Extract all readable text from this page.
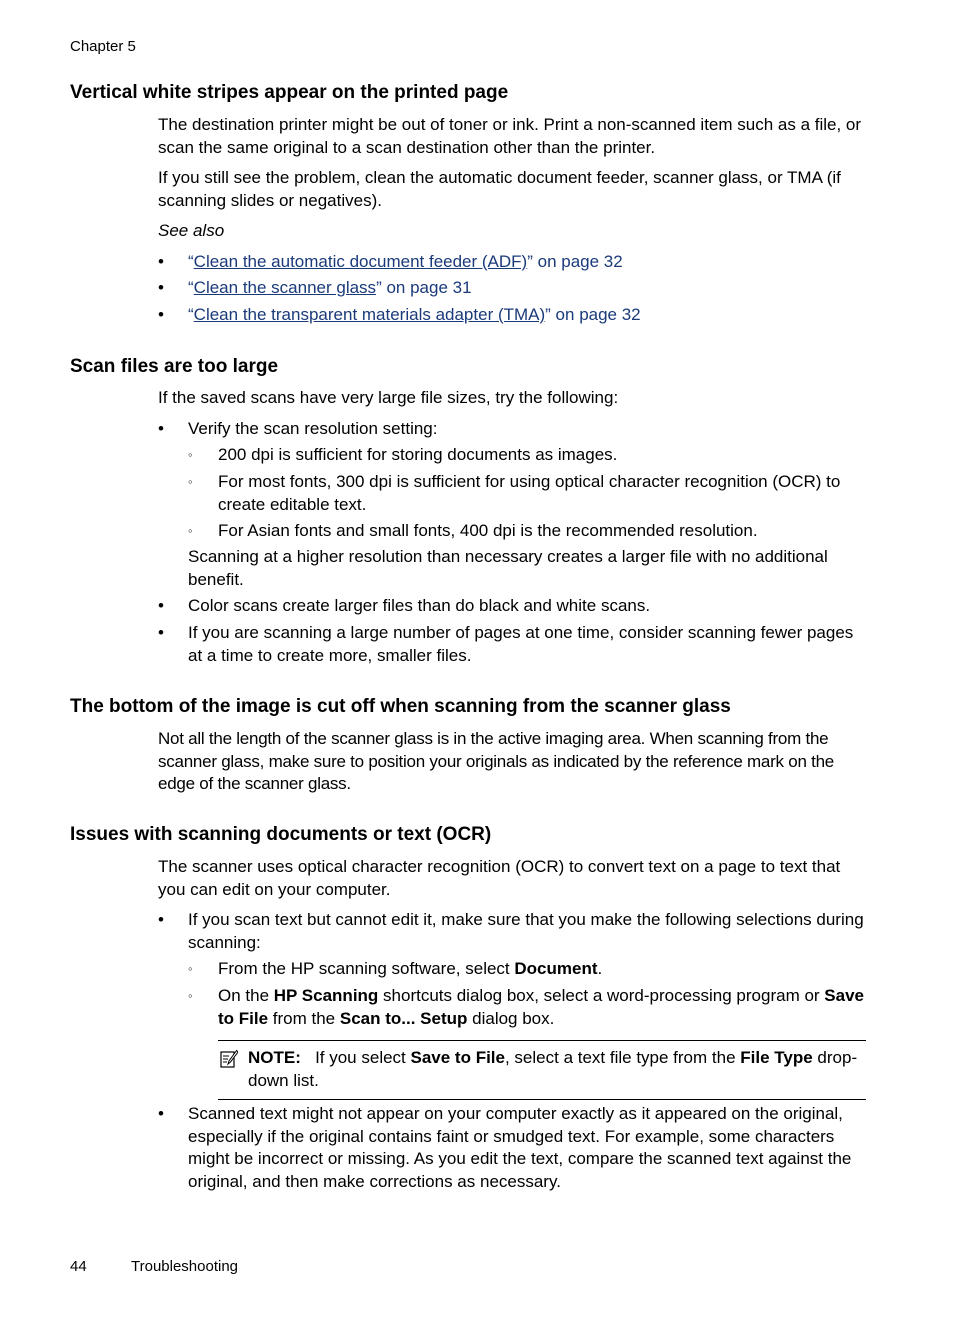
Chapter 5
Vertical white stripes appear on the printed page

The destination printer might be out of toner or ink. Print a non-scanned item such as a file, or scan the same original to a scan destination other than the printer.

If you still see the problem, clean the automatic document feeder, scanner glass, or TMA (if scanning slides or negatives).

See also

• “Clean the automatic document feeder (ADF)” on page 32
• “Clean the scanner glass” on page 31
• “Clean the transparent materials adapter (TMA)” on page 32
Scan files are too large

If the saved scans have very large file sizes, try the following:

• Verify the scan resolution setting:
◦ 200 dpi is sufficient for storing documents as images.
◦ For most fonts, 300 dpi is sufficient for using optical character recognition (OCR) to create editable text.
◦ For Asian fonts and small fonts, 400 dpi is the recommended resolution.
Scanning at a higher resolution than necessary creates a larger file with no additional benefit.
• Color scans create larger files than do black and white scans.
• If you are scanning a large number of pages at one time, consider scanning fewer pages at a time to create more, smaller files.
The bottom of the image is cut off when scanning from the scanner glass

Not all the length of the scanner glass is in the active imaging area. When scanning from the scanner glass, make sure to position your originals as indicated by the reference mark on the edge of the scanner glass.

Issues with scanning documents or text (OCR)

The scanner uses optical character recognition (OCR) to convert text on a page to text that you can edit on your computer.

• If you scan text but cannot edit it, make sure that you make the following selections during scanning:
◦ From the HP scanning software, select Document.
◦ On the HP Scanning shortcuts dialog box, select a word-processing program or Save to File from the Scan to... Setup dialog box.
NOTE: If you select Save to File, select a text file type from the File Type drop-down list.
• Scanned text might not appear on your computer exactly as it appeared on the original, especially if the original contains faint or smudged text. For example, some characters might be incorrect or missing. As you edit the text, compare the scanned text against the original, and then make corrections as necessary.
44	Troubleshooting
